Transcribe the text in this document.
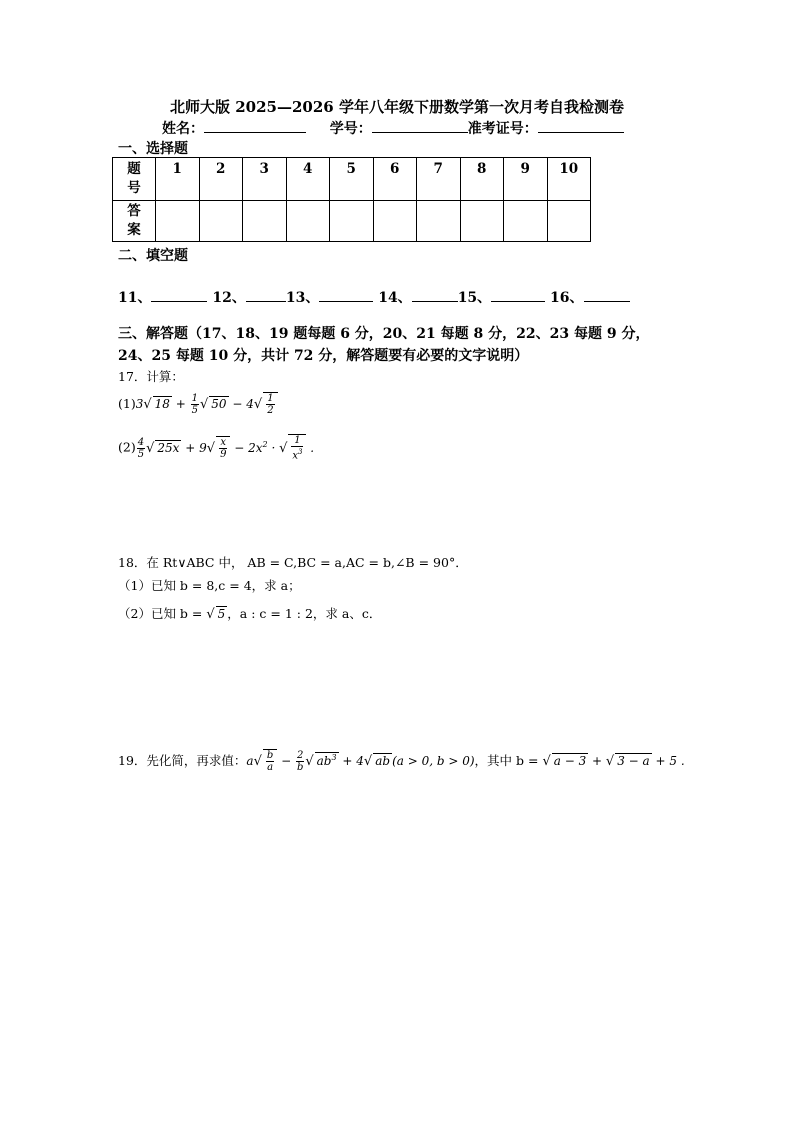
北师大版 2025—2026 学年八年级下册数学第一次月考自我检测卷
姓名：	学号：	准考证号：
一、选择题
题
号	1	2	3	4	5	6	7	8	9	10
答
案										
二、填空题
11、	12、	13、	14、	15、	16、
三、解答题（17、18、19 题每题 6 分，20、21 每题 8 分，22、23 每题 9 分，24、25 每题 10 分，共计 72 分，解答题要有必要的文字说明）
17．计算：
(1)3√ $18 + \frac{1}{5}$ √ $50 - 4√ \frac{1}{2}$
$(2) \frac{4}{5}$ √ $25x + 9√ \frac{x}{9} - 2x^2$ · √ $\frac{1}{x^3}$ .
18．在 Rt∨ABC 中， AB = C,BC = a,AC = b,∠B = 90°．
（1）已知 b = 8,c = 4，求 a；
（2）已知 b = √ 5 ，a : c = 1 : 2，求 a、c．
19．先化简，再求值：$a√ \frac{b}{a} - \frac{2}{b}$ √ $ab^3 + 4√$ ab (a > 0, b > 0)，其中 b = √ a − 3 + √ 3 − a + 5 .
